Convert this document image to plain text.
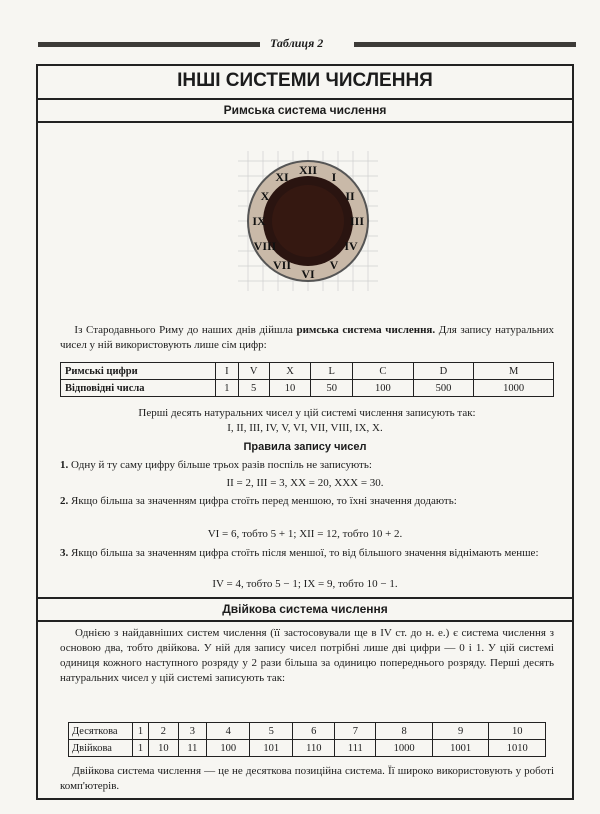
Таблиця 2
ІНШІ СИСТЕМИ ЧИСЛЕННЯ
Римська система числення
XII I
II
III
IV
V
VI
VII
VIII
IX
X
XI
Із Стародавнього Риму до наших днів дійшла римська система числення. Для запису натуральних чисел у ній використовують лише сім цифр:
Римські цифри	I	V	X	L	C	D	M
Відповідні числа	1	5	10	50	100	500	1000
Перші десять натуральних чисел у цій системі числення записують так:
I, II, III, IV, V, VI, VII, VIII, IX, X.
Правила запису чисел
1. Одну й ту саму цифру більше трьох разів поспіль не записують:
II = 2, III = 3, XX = 20, XXX = 30.
2. Якщо більша за значенням цифра стоїть перед меншою, то їхні значення додають:
VI = 6, тобто 5 + 1; XII = 12, тобто 10 + 2.
3. Якщо більша за значенням цифра стоїть після меншої, то від більшого значення віднімають менше:
IV = 4, тобто 5 − 1; IX = 9, тобто 10 − 1.
Двійкова система числення
Однією з найдавніших систем числення (її застосовували ще в IV ст. до н. е.) є система числення з основою два, тобто двійкова. У ній для запису чисел потрібні лише дві цифри — 0 і 1. У цій системі одиниця кожного наступного розряду у 2 рази більша за одиницю попереднього розряду. Перші десять натуральних чисел у цій системі записують так:
Десяткова	1	2	3	4	5	6	7	8	9	10
Двійкова	1	10	11	100	101	110	111	1000	1001	1010
Двійкова система числення — це не десяткова позиційна система. Її широко використовують у роботі комп'ютерів.
